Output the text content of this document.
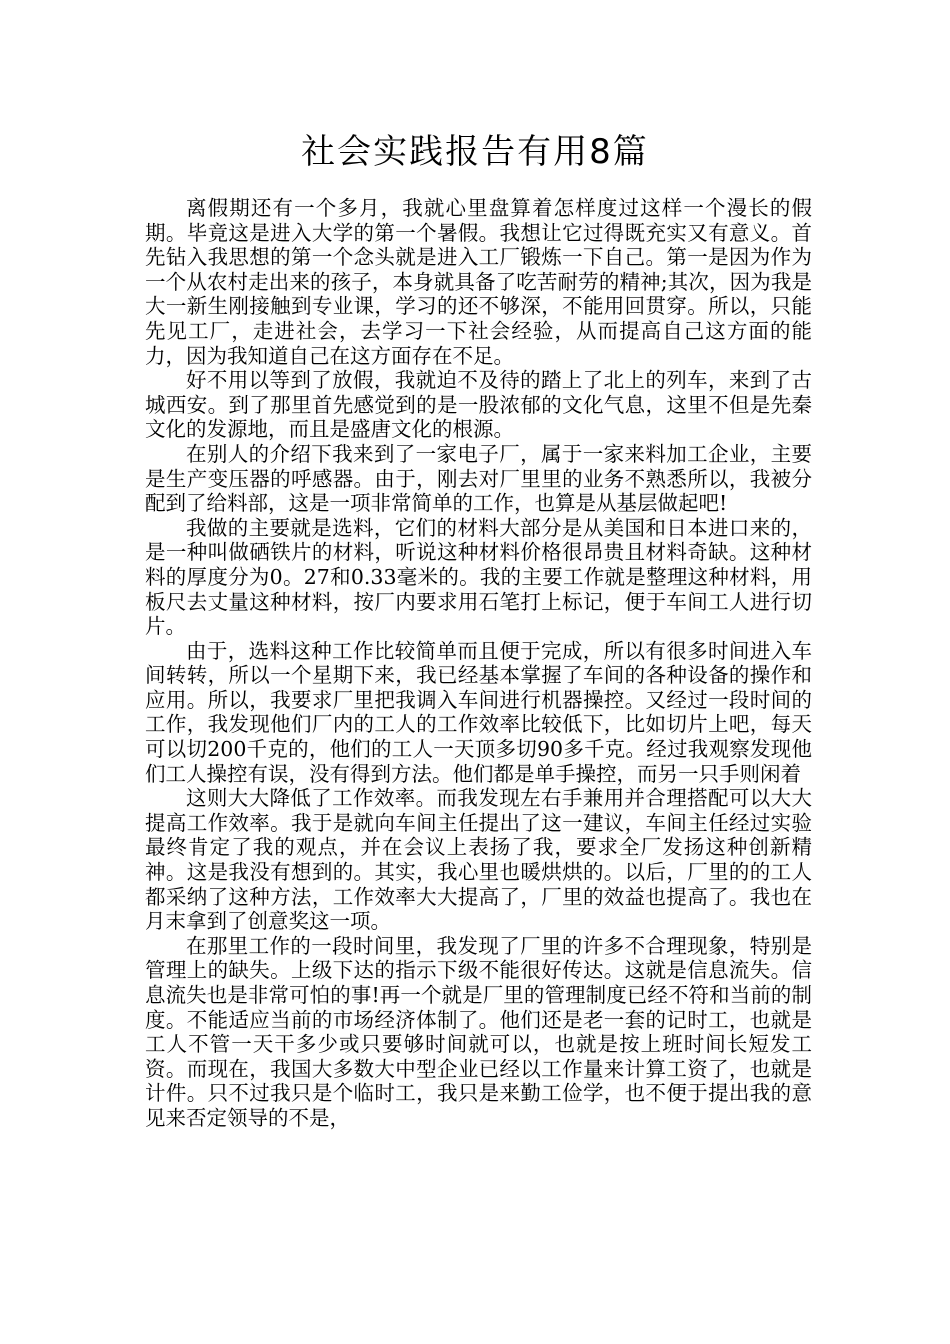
社会实践报告有用8篇

离假期还有一个多月，我就心里盘算着怎样度过这样一个漫长的假期。毕竟这是进入大学的第一个暑假。我想让它过得既充实又有意义。首先钻入我思想的第一个念头就是进入工厂锻炼一下自己。第一是因为作为一个从农村走出来的孩子，本身就具备了吃苦耐劳的精神;其次，因为我是大一新生刚接触到专业课，学习的还不够深，不能用回贯穿。所以，只能先见工厂，走进社会，去学习一下社会经验，从而提高自己这方面的能力，因为我知道自己在这方面存在不足。

好不用以等到了放假，我就迫不及待的踏上了北上的列车，来到了古城西安。到了那里首先感觉到的是一股浓郁的文化气息，这里不但是先秦文化的发源地，而且是盛唐文化的根源。

在别人的介绍下我来到了一家电子厂，属于一家来料加工企业，主要是生产变压器的呼感器。由于，刚去对厂里里的业务不熟悉所以，我被分配到了给料部，这是一项非常简单的工作，也算是从基层做起吧!

我做的主要就是选料，它们的材料大部分是从美国和日本进口来的，是一种叫做硒铁片的材料，听说这种材料价格很昂贵且材料奇缺。这种材料的厚度分为0。27和0.33毫米的。我的主要工作就是整理这种材料，用板尺去丈量这种材料，按厂内要求用石笔打上标记，便于车间工人进行切片。

由于，选料这种工作比较简单而且便于完成，所以有很多时间进入车间转转，所以一个星期下来，我已经基本掌握了车间的各种设备的操作和应用。所以，我要求厂里把我调入车间进行机器操控。又经过一段时间的工作，我发现他们厂内的工人的工作效率比较低下，比如切片上吧，每天可以切200千克的，他们的工人一天顶多切90多千克。经过我观察发现他们工人操控有误，没有得到方法。他们都是单手操控，而另一只手则闲着

这则大大降低了工作效率。而我发现左右手兼用并合理搭配可以大大提高工作效率。我于是就向车间主任提出了这一建议，车间主任经过实验最终肯定了我的观点，并在会议上表扬了我，要求全厂发扬这种创新精神。这是我没有想到的。其实，我心里也暖烘烘的。以后，厂里的的工人都采纳了这种方法，工作效率大大提高了，厂里的效益也提高了。我也在月末拿到了创意奖这一项。

在那里工作的一段时间里，我发现了厂里的许多不合理现象，特别是管理上的缺失。上级下达的指示下级不能很好传达。这就是信息流失。信息流失也是非常可怕的事!再一个就是厂里的管理制度已经不符和当前的制度。不能适应当前的市场经济体制了。他们还是老一套的记时工，也就是工人不管一天干多少或只要够时间就可以，也就是按上班时间长短发工资。而现在，我国大多数大中型企业已经以工作量来计算工资了，也就是计件。只不过我只是个临时工，我只是来勤工俭学，也不便于提出我的意见来否定领导的不是，
